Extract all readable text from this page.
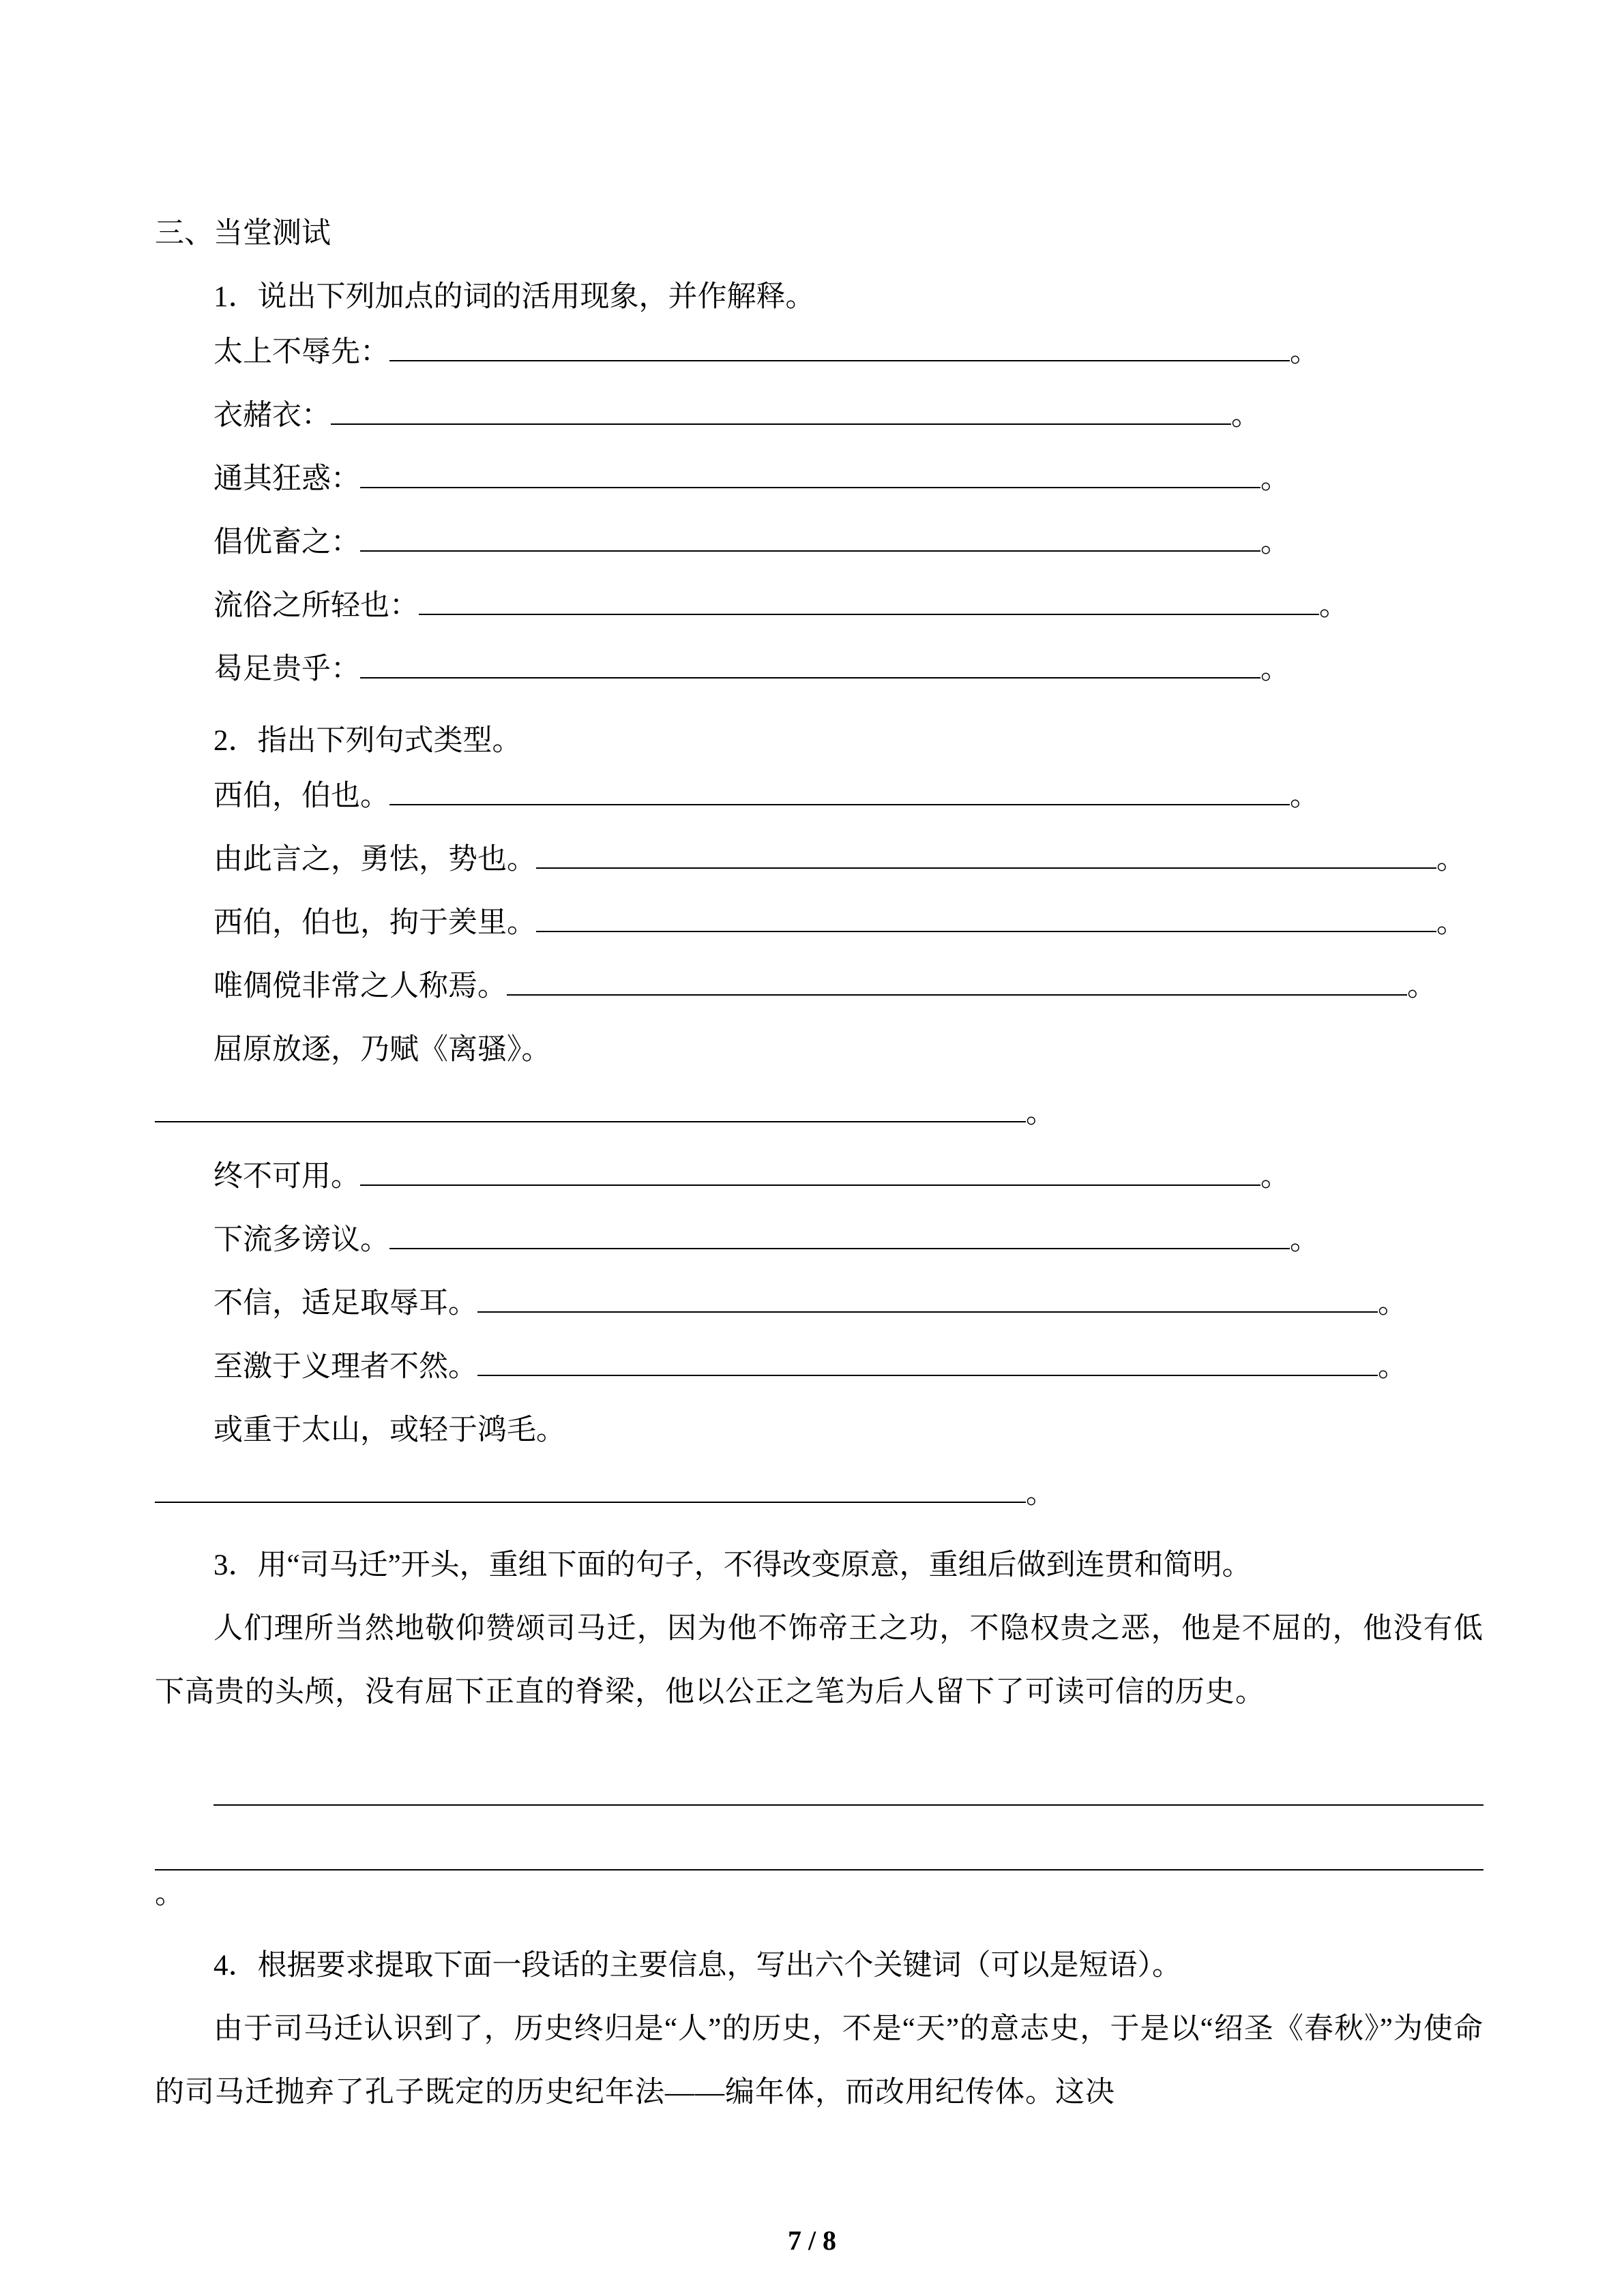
三、当堂测试
1．说出下列加点的词的活用现象，并作解释。
太上不辱先：	。
衣赭衣：	。
通其狂惑：	。
倡优畜之：	。
流俗之所轻也：	。
曷足贵乎：	。
2．指出下列句式类型。
西伯，伯也。	。
由此言之，勇怯，势也。	。
西伯，伯也，拘于羑里。	。
唯倜傥非常之人称焉。	。
屈原放逐，乃赋《离骚》。
。
终不可用。	。
下流多谤议。	。
不信，适足取辱耳。	。
至激于义理者不然。	。
或重于太山，或轻于鸿毛。
。
3．用“司马迁”开头，重组下面的句子，不得改变原意，重组后做到连贯和简明。

人们理所当然地敬仰赞颂司马迁，因为他不饰帝王之功，不隐权贵之恶，他是不屈的，他没有低下高贵的头颅，没有屈下正直的脊梁，他以公正之笔为后人留下了可读可信的历史。

。
4．根据要求提取下面一段话的主要信息，写出六个关键词（可以是短语）。

由于司马迁认识到了，历史终归是“人”的历史，不是“天”的意志史，于是以“绍圣《春秋》”为使命的司马迁抛弃了孔子既定的历史纪年法——编年体，而改用纪传体。这决

7 / 8
